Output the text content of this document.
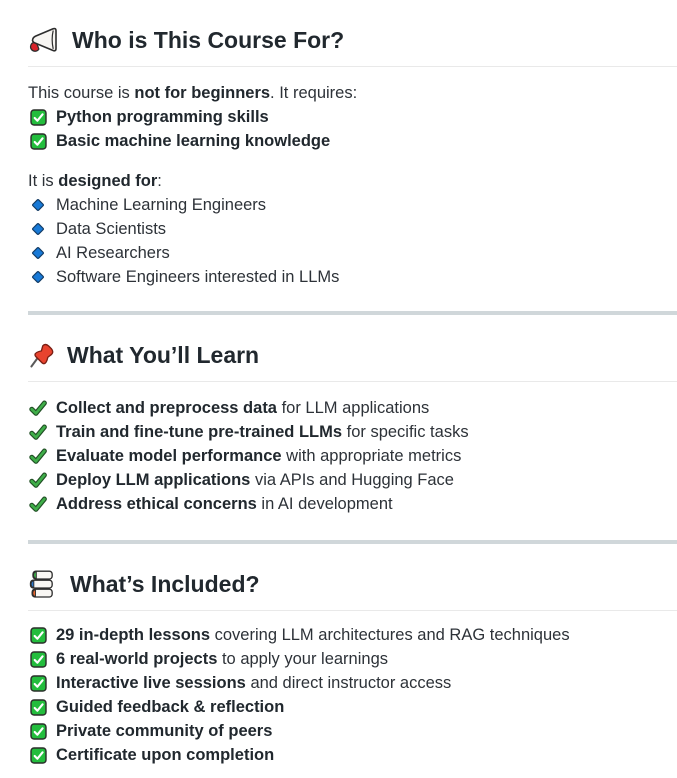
Who is This Course For?

This course is not for beginners. It requires:

Python programming skills
Basic machine learning knowledge

It is designed for:

Machine Learning Engineers
Data Scientists
AI Researchers
Software Engineers interested in LLMs
What You’ll Learn
Collect and preprocess data for LLM applications
Train and fine-tune pre-trained LLMs for specific tasks
Evaluate model performance with appropriate metrics
Deploy LLM applications via APIs and Hugging Face
Address ethical concerns in AI development
What’s Included?
29 in-depth lessons covering LLM architectures and RAG techniques
6 real-world projects to apply your learnings
Interactive live sessions and direct instructor access
Guided feedback & reflection
Private community of peers
Certificate upon completion
